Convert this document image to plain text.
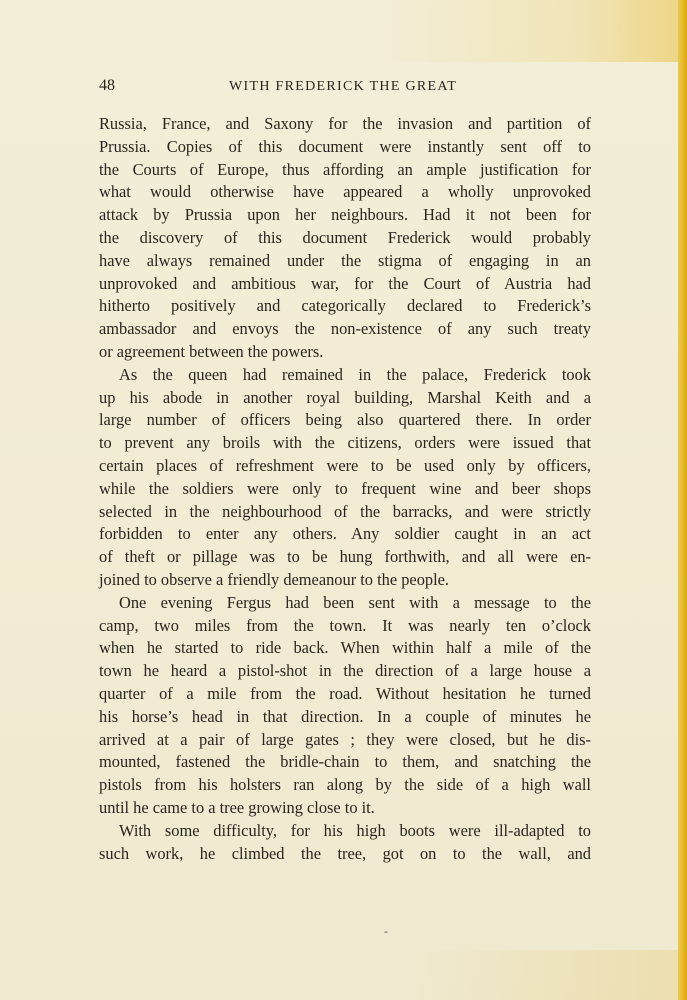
48	WITH FREDERICK THE GREAT
Russia, France, and Saxony for the invasion and partition of
Prussia. Copies of this document were instantly sent off to
the Courts of Europe, thus affording an ample justification for
what would otherwise have appeared a wholly unprovoked
attack by Prussia upon her neighbours. Had it not been for
the discovery of this document Frederick would probably
have always remained under the stigma of engaging in an
unprovoked and ambitious war, for the Court of Austria had
hitherto positively and categorically declared to Frederick’s
ambassador and envoys the non-existence of any such treaty
or agreement between the powers.
As the queen had remained in the palace, Frederick took
up his abode in another royal building, Marshal Keith and a
large number of officers being also quartered there. In order
to prevent any broils with the citizens, orders were issued that
certain places of refreshment were to be used only by officers,
while the soldiers were only to frequent wine and beer shops
selected in the neighbourhood of the barracks, and were strictly
forbidden to enter any others. Any soldier caught in an act
of theft or pillage was to be hung forthwith, and all were en-
joined to observe a friendly demeanour to the people.
One evening Fergus had been sent with a message to the
camp, two miles from the town. It was nearly ten o’clock
when he started to ride back. When within half a mile of the
town he heard a pistol-shot in the direction of a large house a
quarter of a mile from the road. Without hesitation he turned
his horse’s head in that direction. In a couple of minutes he
arrived at a pair of large gates ; they were closed, but he dis-
mounted, fastened the bridle-chain to them, and snatching the
pistols from his holsters ran along by the side of a high wall
until he came to a tree growing close to it.
With some difficulty, for his high boots were ill-adapted to
such work, he climbed the tree, got on to the wall, and
-
